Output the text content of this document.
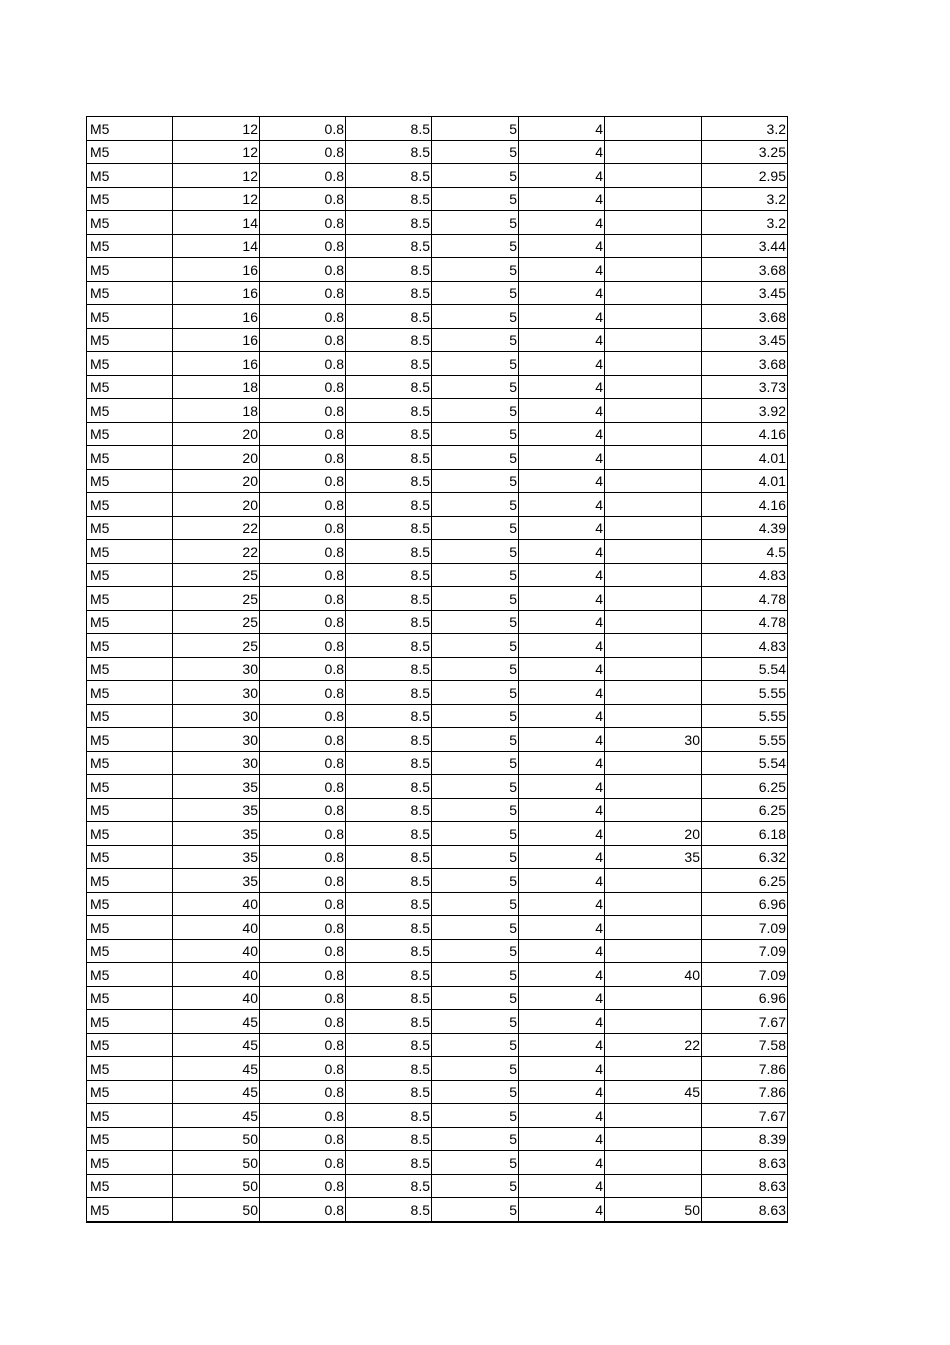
M5	12	0.8	8.5	5	4		3.2
M5	12	0.8	8.5	5	4		3.25
M5	12	0.8	8.5	5	4		2.95
M5	12	0.8	8.5	5	4		3.2
M5	14	0.8	8.5	5	4		3.2
M5	14	0.8	8.5	5	4		3.44
M5	16	0.8	8.5	5	4		3.68
M5	16	0.8	8.5	5	4		3.45
M5	16	0.8	8.5	5	4		3.68
M5	16	0.8	8.5	5	4		3.45
M5	16	0.8	8.5	5	4		3.68
M5	18	0.8	8.5	5	4		3.73
M5	18	0.8	8.5	5	4		3.92
M5	20	0.8	8.5	5	4		4.16
M5	20	0.8	8.5	5	4		4.01
M5	20	0.8	8.5	5	4		4.01
M5	20	0.8	8.5	5	4		4.16
M5	22	0.8	8.5	5	4		4.39
M5	22	0.8	8.5	5	4		4.5
M5	25	0.8	8.5	5	4		4.83
M5	25	0.8	8.5	5	4		4.78
M5	25	0.8	8.5	5	4		4.78
M5	25	0.8	8.5	5	4		4.83
M5	30	0.8	8.5	5	4		5.54
M5	30	0.8	8.5	5	4		5.55
M5	30	0.8	8.5	5	4		5.55
M5	30	0.8	8.5	5	4	30	5.55
M5	30	0.8	8.5	5	4		5.54
M5	35	0.8	8.5	5	4		6.25
M5	35	0.8	8.5	5	4		6.25
M5	35	0.8	8.5	5	4	20	6.18
M5	35	0.8	8.5	5	4	35	6.32
M5	35	0.8	8.5	5	4		6.25
M5	40	0.8	8.5	5	4		6.96
M5	40	0.8	8.5	5	4		7.09
M5	40	0.8	8.5	5	4		7.09
M5	40	0.8	8.5	5	4	40	7.09
M5	40	0.8	8.5	5	4		6.96
M5	45	0.8	8.5	5	4		7.67
M5	45	0.8	8.5	5	4	22	7.58
M5	45	0.8	8.5	5	4		7.86
M5	45	0.8	8.5	5	4	45	7.86
M5	45	0.8	8.5	5	4		7.67
M5	50	0.8	8.5	5	4		8.39
M5	50	0.8	8.5	5	4		8.63
M5	50	0.8	8.5	5	4		8.63
M5	50	0.8	8.5	5	4	50	8.63
